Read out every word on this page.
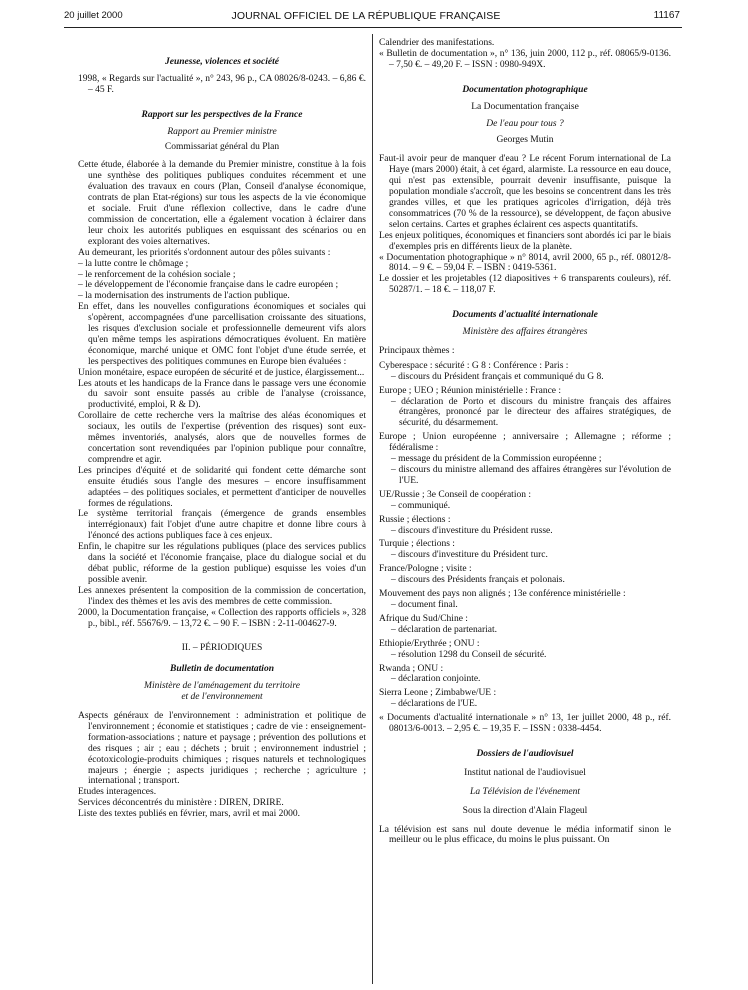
20 juillet 2000	JOURNAL OFFICIEL DE LA RÉPUBLIQUE FRANÇAISE	11167
Jeunesse, violences et société

1998, « Regards sur l'actualité », n° 243, 96 p., CA 08026/8-0243. – 6,86 €. – 45 F.

Rapport sur les perspectives de la France
Rapport au Premier ministre
Commissariat général du Plan

Cette étude, élaborée à la demande du Premier ministre, constitue à la fois une synthèse des politiques publiques conduites récemment et une évaluation des travaux en cours (Plan, Conseil d'analyse économique, contrats de plan Etat-régions) sur tous les aspects de la vie économique et sociale. Fruit d'une réflexion collective, dans le cadre d'une commission de concertation, elle a également vocation à éclairer dans leur choix les autorités publiques en esquissant des scénarios ou en explorant des voies alternatives.

Au demeurant, les priorités s'ordonnent autour des pôles suivants :

– la lutte contre le chômage ;

– le renforcement de la cohésion sociale ;

– le développement de l'économie française dans le cadre européen ;

– la modernisation des instruments de l'action publique.

En effet, dans les nouvelles configurations économiques et sociales qui s'opèrent, accompagnées d'une parcellisation croissante des situations, les risques d'exclusion sociale et professionnelle demeurent vifs alors qu'en même temps les aspirations démocratiques évoluent. En matière économique, marché unique et OMC font l'objet d'une étude serrée, et les perspectives des politiques communes en Europe bien évaluées :

Union monétaire, espace européen de sécurité et de justice, élargissement...

Les atouts et les handicaps de la France dans le passage vers une économie du savoir sont ensuite passés au crible de l'analyse (croissance, productivité, emploi, R & D).

Corollaire de cette recherche vers la maîtrise des aléas économiques et sociaux, les outils de l'expertise (prévention des risques) sont eux-mêmes inventoriés, analysés, alors que de nouvelles formes de concertation sont revendiquées par l'opinion publique pour connaître, comprendre et agir.

Les principes d'équité et de solidarité qui fondent cette démarche sont ensuite étudiés sous l'angle des mesures – encore insuffisamment adaptées – des politiques sociales, et permettent d'anticiper de nouvelles formes de régulations.

Le système territorial français (émergence de grands ensembles interrégionaux) fait l'objet d'une autre chapitre et donne libre cours à l'énoncé des actions publiques face à ces enjeux.

Enfin, le chapitre sur les régulations publiques (place des services publics dans la société et l'économie française, place du dialogue social et du débat public, réforme de la gestion publique) esquisse les voies d'un possible avenir.

Les annexes présentent la composition de la commission de concertation, l'index des thèmes et les avis des membres de cette commission.

2000, la Documentation française, « Collection des rapports officiels », 328 p., bibl., réf. 55676/9. – 13,72 €. – 90 F. – ISBN : 2-11-004627-9.

II. – PÉRIODIQUES
Bulletin de documentation
Ministère de l'aménagement du territoire
et de l'environnement

Aspects généraux de l'environnement : administration et politique de l'environnement ; économie et statistiques ; cadre de vie : enseignement-formation-associations ; nature et paysage ; prévention des pollutions et des risques ; air ; eau ; déchets ; bruit ; environnement industriel ; écotoxicologie-produits chimiques ; risques naturels et technologiques majeurs ; énergie ; aspects juridiques ; recherche ; agriculture ; international ; transport.

Etudes interagences.

Services déconcentrés du ministère : DIREN, DRIRE.

Liste des textes publiés en février, mars, avril et mai 2000.

Calendrier des manifestations.

« Bulletin de documentation », n° 136, juin 2000, 112 p., réf. 08065/9-0136. – 7,50 €. – 49,20 F. – ISSN : 0980-949X.

Documentation photographique
La Documentation française
De l'eau pour tous ?
Georges Mutin

Faut-il avoir peur de manquer d'eau ? Le récent Forum international de La Haye (mars 2000) était, à cet égard, alarmiste. La ressource en eau douce, qui n'est pas extensible, pourrait devenir insuffisante, puisque la population mondiale s'accroît, que les besoins se concentrent dans les très grandes villes, et que les pratiques agricoles d'irrigation, déjà très consommatrices (70 % de la ressource), se développent, de façon abusive selon certains. Cartes et graphes éclairent ces aspects quantitatifs.

Les enjeux politiques, économiques et financiers sont abordés ici par le biais d'exemples pris en différents lieux de la planète.

« Documentation photographique » n° 8014, avril 2000, 65 p., réf. 08012/8-8014. – 9 €. – 59,04 F. – ISBN : 0419-5361.

Le dossier et les projetables (12 diapositives + 6 transparents couleurs), réf. 50287/1. – 18 €. – 118,07 F.

Documents d'actualité internationale
Ministère des affaires étrangères

Principaux thèmes :

Cyberespace : sécurité : G 8 : Conférence : Paris :

– discours du Président français et communiqué du G 8.

Europe ; UEO ; Réunion ministérielle : France :

– déclaration de Porto et discours du ministre français des affaires étrangères, prononcé par le directeur des affaires stratégiques, de sécurité, du désarmement.

Europe ; Union européenne ; anniversaire ; Allemagne ; réforme ; fédéralisme :

– message du président de la Commission européenne ;

– discours du ministre allemand des affaires étrangères sur l'évolution de l'UE.

UE/Russie ; 3e Conseil de coopération :

– communiqué.

Russie ; élections :

– discours d'investiture du Président russe.

Turquie ; élections :

– discours d'investiture du Président turc.

France/Pologne ; visite :

– discours des Présidents français et polonais.

Mouvement des pays non alignés ; 13e conférence ministérielle :

– document final.

Afrique du Sud/Chine :

– déclaration de partenariat.

Ethiopie/Erythrée ; ONU :

– résolution 1298 du Conseil de sécurité.

Rwanda ; ONU :

– déclaration conjointe.

Sierra Leone ; Zimbabwe/UE :

– déclarations de l'UE.

« Documents d'actualité internationale » n° 13, 1er juillet 2000, 48 p., réf. 08013/6-0013. – 2,95 €. – 19,35 F. – ISSN : 0338-4454.

Dossiers de l'audiovisuel
Institut national de l'audiovisuel
La Télévision de l'événement
Sous la direction d'Alain Flageul

La télévision est sans nul doute devenue le média informatif sinon le meilleur ou le plus efficace, du moins le plus puissant. On
